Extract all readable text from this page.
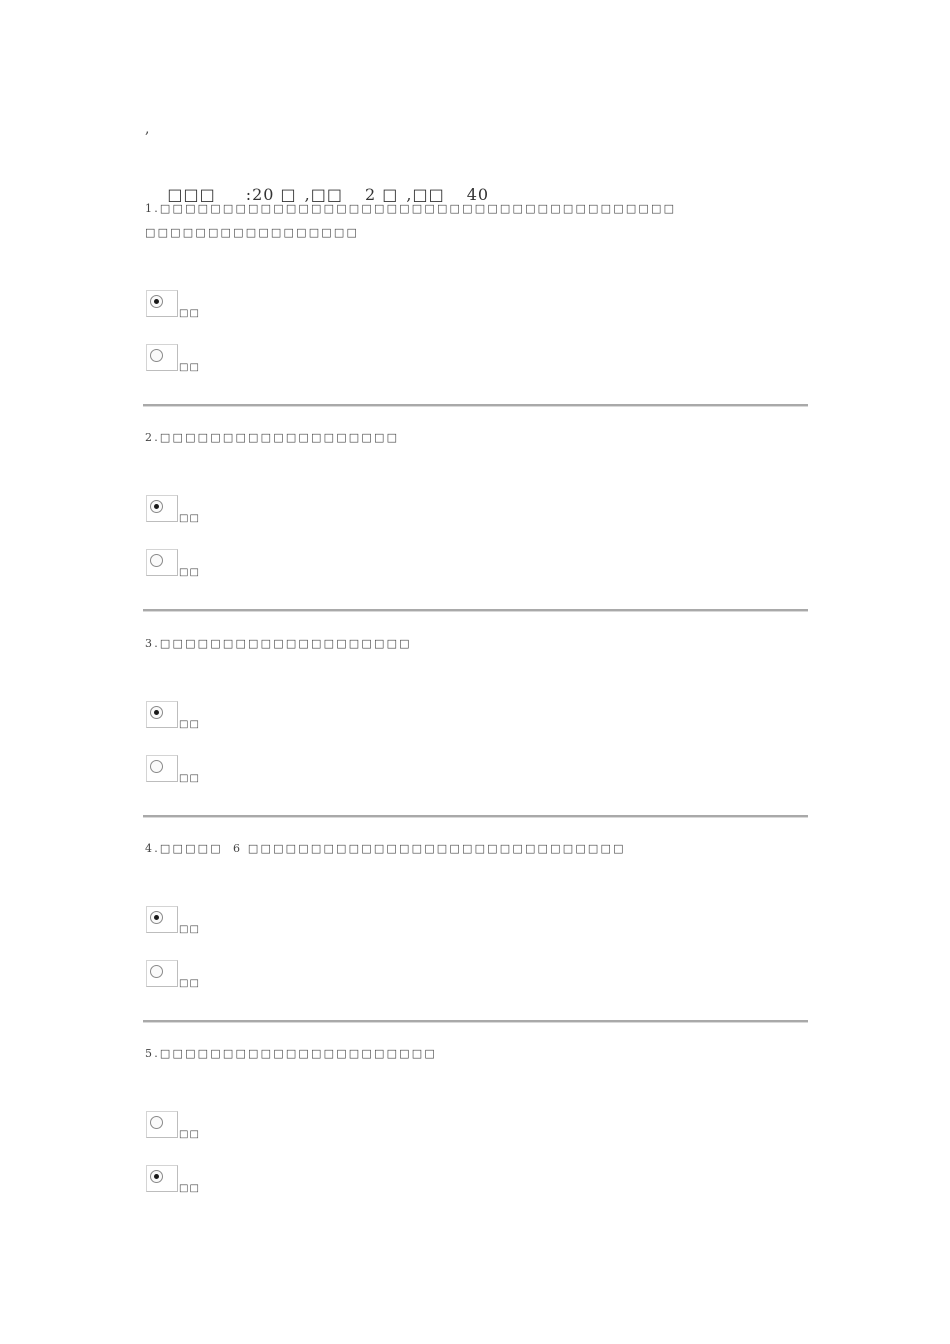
,

□□□ :20 □ ,□□ 2 □ ,□□ 40

1.□□□□□□□□□□□□□□□□□□□□□□□□□□□□□□□□□□□□□□□□□
□□□□□□□□□□□□□□□□□
□□
□□
2.□□□□□□□□□□□□□□□□□□□
□□
□□
3.□□□□□□□□□□□□□□□□□□□□
□□
□□
4.□□□□□ 6 □□□□□□□□□□□□□□□□□□□□□□□□□□□□□□
□□
□□
5.□□□□□□□□□□□□□□□□□□□□□□
□□
□□
